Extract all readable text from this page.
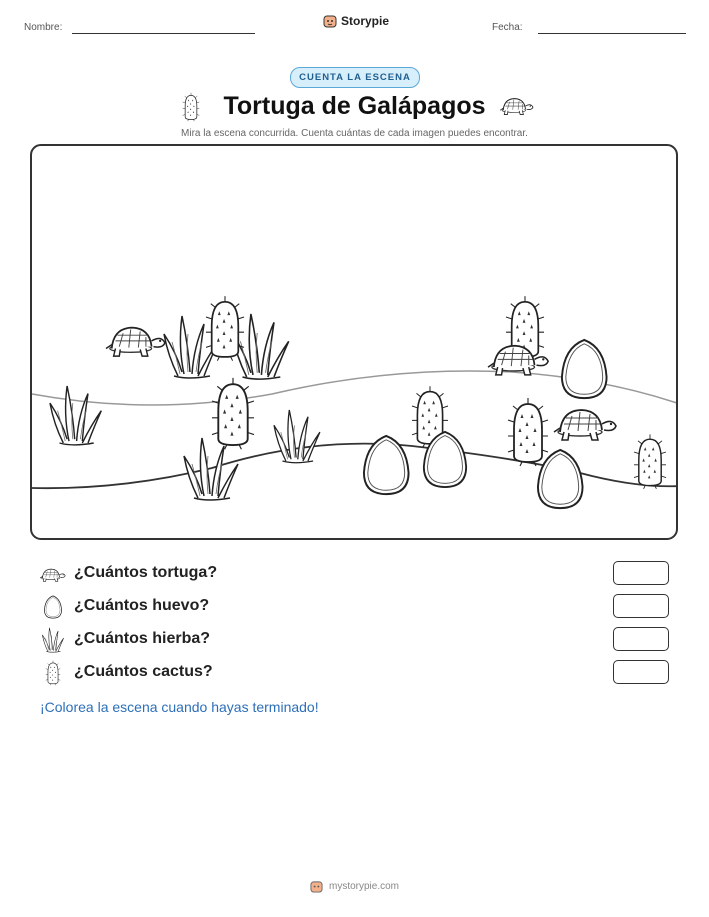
Nombre:	Storypie	Fecha:
CUENTA LA ESCENA
Tortuga de Galápagos
Mira la escena concurrida. Cuenta cuántas de cada imagen puedes encontrar.
¿Cuántos tortuga?
¿Cuántos huevo?
¿Cuántos hierba?
¿Cuántos cactus?
¡Colorea la escena cuando hayas terminado!
mystorypie.com
